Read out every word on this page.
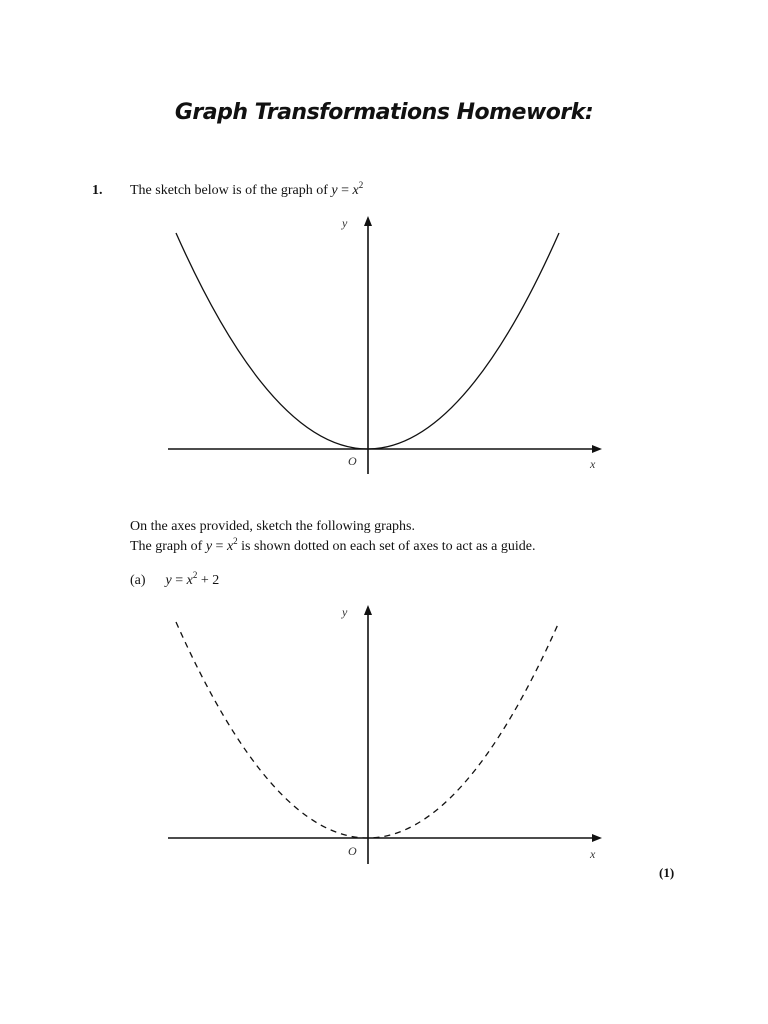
Graph Transformations Homework:
1. The sketch below is of the graph of $y = x^2$
y
x
O
On the axes provided, sketch the following graphs.
The graph of $y = x^2$ is shown dotted on each set of axes to act as a guide.
(a) $y = x^2 + 2$
y
x
O
(1)
